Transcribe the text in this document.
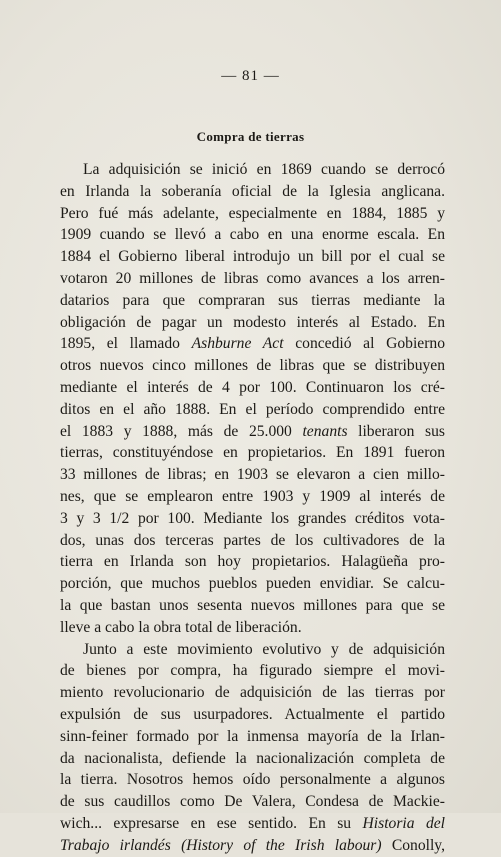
— 81 —
Compra de tierras
La adquisición se inició en 1869 cuando se derrocó
en Irlanda la soberanía oficial de la Iglesia anglicana.
Pero fué más adelante, especialmente en 1884, 1885 y
1909 cuando se llevó a cabo en una enorme escala. En
1884 el Gobierno liberal introdujo un bill por el cual se
votaron 20 millones de libras como avances a los arren-
datarios para que compraran sus tierras mediante la
obligación de pagar un modesto interés al Estado. En
1895, el llamado Ashburne Act concedió al Gobierno
otros nuevos cinco millones de libras que se distribuyen
mediante el interés de 4 por 100. Continuaron los cré-
ditos en el año 1888. En el período comprendido entre
el 1883 y 1888, más de 25.000 tenants liberaron sus
tierras, constituyéndose en propietarios. En 1891 fueron
33 millones de libras; en 1903 se elevaron a cien millo-
nes, que se emplearon entre 1903 y 1909 al interés de
3 y 3 1/2 por 100. Mediante los grandes créditos vota-
dos, unas dos terceras partes de los cultivadores de la
tierra en Irlanda son hoy propietarios. Halagüeña pro-
porción, que muchos pueblos pueden envidiar. Se calcu-
la que bastan unos sesenta nuevos millones para que se
lleve a cabo la obra total de liberación.
Junto a este movimiento evolutivo y de adquisición
de bienes por compra, ha figurado siempre el movi-
miento revolucionario de adquisición de las tierras por
expulsión de sus usurpadores. Actualmente el partido
sinn-feiner formado por la inmensa mayoría de la Irlan-
da nacionalista, defiende la nacionalización completa de
la tierra. Nosotros hemos oído personalmente a algunos
de sus caudillos como De Valera, Condesa de Mackie-
wich... expresarse en ese sentido. En su Historia del
Trabajo irlandés (History of the Irish labour) Conolly,
